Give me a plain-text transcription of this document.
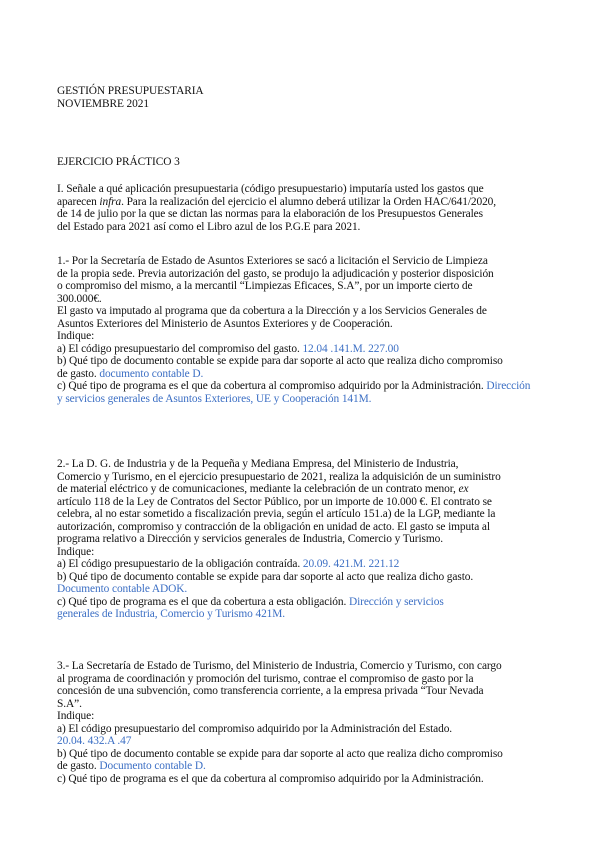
GESTIÓN PRESUPUESTARIA
NOVIEMBRE 2021
EJERCICIO PRÁCTICO 3
I. Señale a qué aplicación presupuestaria (código presupuestario) imputaría usted los gastos que
aparecen infra. Para la realización del ejercicio el alumno deberá utilizar la Orden HAC/641/2020,
de 14 de julio por la que se dictan las normas para la elaboración de los Presupuestos Generales
del Estado para 2021 así como el Libro azul de los P.G.E para 2021.
1.- Por la Secretaría de Estado de Asuntos Exteriores se sacó a licitación el Servicio de Limpieza
de la propia sede. Previa autorización del gasto, se produjo la adjudicación y posterior disposición
o compromiso del mismo, a la mercantil “Limpiezas Eficaces, S.A”, por un importe cierto de
300.000€.
El gasto va imputado al programa que da cobertura a la Dirección y a los Servicios Generales de
Asuntos Exteriores del Ministerio de Asuntos Exteriores y de Cooperación.
Indique:
a) El código presupuestario del compromiso del gasto. 12.04 .141.M. 227.00
b) Qué tipo de documento contable se expide para dar soporte al acto que realiza dicho compromiso
de gasto. documento contable D.
c) Qué tipo de programa es el que da cobertura al compromiso adquirido por la Administración. Dirección
y servicios generales de Asuntos Exteriores, UE y Cooperación 141M.
2.- La D. G. de Industria y de la Pequeña y Mediana Empresa, del Ministerio de Industria,
Comercio y Turismo, en el ejercicio presupuestario de 2021, realiza la adquisición de un suministro
de material eléctrico y de comunicaciones, mediante la celebración de un contrato menor, ex
artículo 118 de la Ley de Contratos del Sector Público, por un importe de 10.000 €. El contrato se
celebra, al no estar sometido a fiscalización previa, según el artículo 151.a) de la LGP, mediante la
autorización, compromiso y contracción de la obligación en unidad de acto. El gasto se imputa al
programa relativo a Dirección y servicios generales de Industria, Comercio y Turismo.
Indique:
a) El código presupuestario de la obligación contraída. 20.09. 421.M. 221.12
b) Qué tipo de documento contable se expide para dar soporte al acto que realiza dicho gasto.
Documento contable ADOK.
c) Qué tipo de programa es el que da cobertura a esta obligación. Dirección y servicios
generales de Industria, Comercio y Turismo 421M.
3.- La Secretaría de Estado de Turismo, del Ministerio de Industria, Comercio y Turismo, con cargo
al programa de coordinación y promoción del turismo, contrae el compromiso de gasto por la
concesión de una subvención, como transferencia corriente, a la empresa privada “Tour Nevada
S.A”.
Indique:
a) El código presupuestario del compromiso adquirido por la Administración del Estado.
20.04. 432.A .47
b) Qué tipo de documento contable se expide para dar soporte al acto que realiza dicho compromiso
de gasto. Documento contable D.
c) Qué tipo de programa es el que da cobertura al compromiso adquirido por la Administración.
